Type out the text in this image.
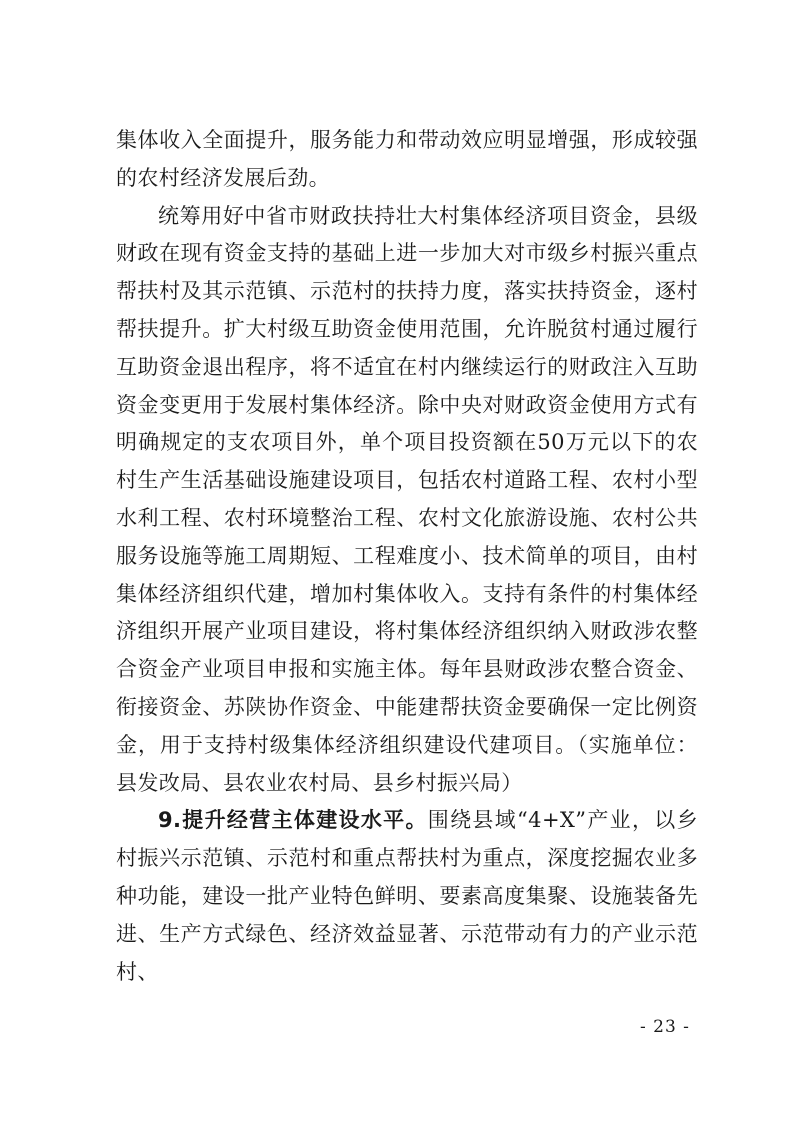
集体收入全面提升，服务能力和带动效应明显增强，形成较强的农村经济发展后劲。

统筹用好中省市财政扶持壮大村集体经济项目资金，县级财政在现有资金支持的基础上进一步加大对市级乡村振兴重点帮扶村及其示范镇、示范村的扶持力度，落实扶持资金，逐村帮扶提升。扩大村级互助资金使用范围，允许脱贫村通过履行互助资金退出程序，将不适宜在村内继续运行的财政注入互助资金变更用于发展村集体经济。除中央对财政资金使用方式有明确规定的支农项目外，单个项目投资额在50万元以下的农村生产生活基础设施建设项目，包括农村道路工程、农村小型水利工程、农村环境整治工程、农村文化旅游设施、农村公共服务设施等施工周期短、工程难度小、技术简单的项目，由村集体经济组织代建，增加村集体收入。支持有条件的村集体经济组织开展产业项目建设，将村集体经济组织纳入财政涉农整合资金产业项目申报和实施主体。每年县财政涉农整合资金、衔接资金、苏陕协作资金、中能建帮扶资金要确保一定比例资金，用于支持村级集体经济组织建设代建项目。（实施单位：县发改局、县农业农村局、县乡村振兴局）

9.提升经营主体建设水平。围绕县域“4+X”产业，以乡村振兴示范镇、示范村和重点帮扶村为重点，深度挖掘农业多种功能，建设一批产业特色鲜明、要素高度集聚、设施装备先进、生产方式绿色、经济效益显著、示范带动有力的产业示范村、

- 23 -
